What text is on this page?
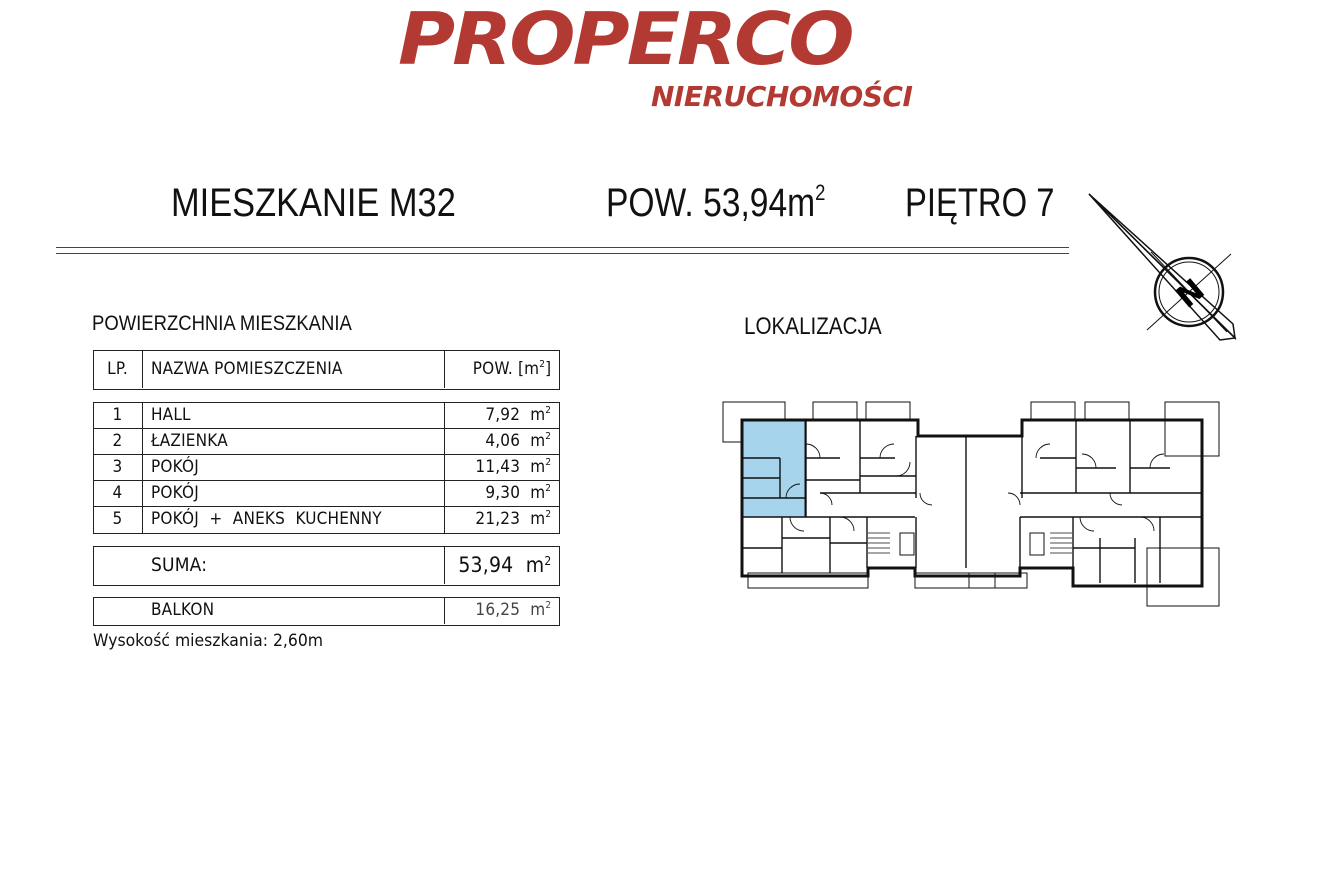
PROPERCO
NIERUCHOMOŚCI
MIESZKANIE M32	POW. $53,94m^2$ PIĘTRO 7
N
POWIERZCHNIA MIESZKANIA
LP.	NAZWA POMIESZCZENIA	POW. $[m^2]$
1	HALL	7,92 $m^2$
2	ŁAZIENKA	4,06 $m^2$
3	POKÓJ	11,43 $m^2$
4	POKÓJ	9,30 $m^2$
5	POKÓJ + ANEKS KUCHENNY	21,23 $m^2$
SUMA:	53,94 $m^2$
BALKON	16,25 $m^2$
Wysokość mieszkania: 2,60m
LOKALIZACJA
